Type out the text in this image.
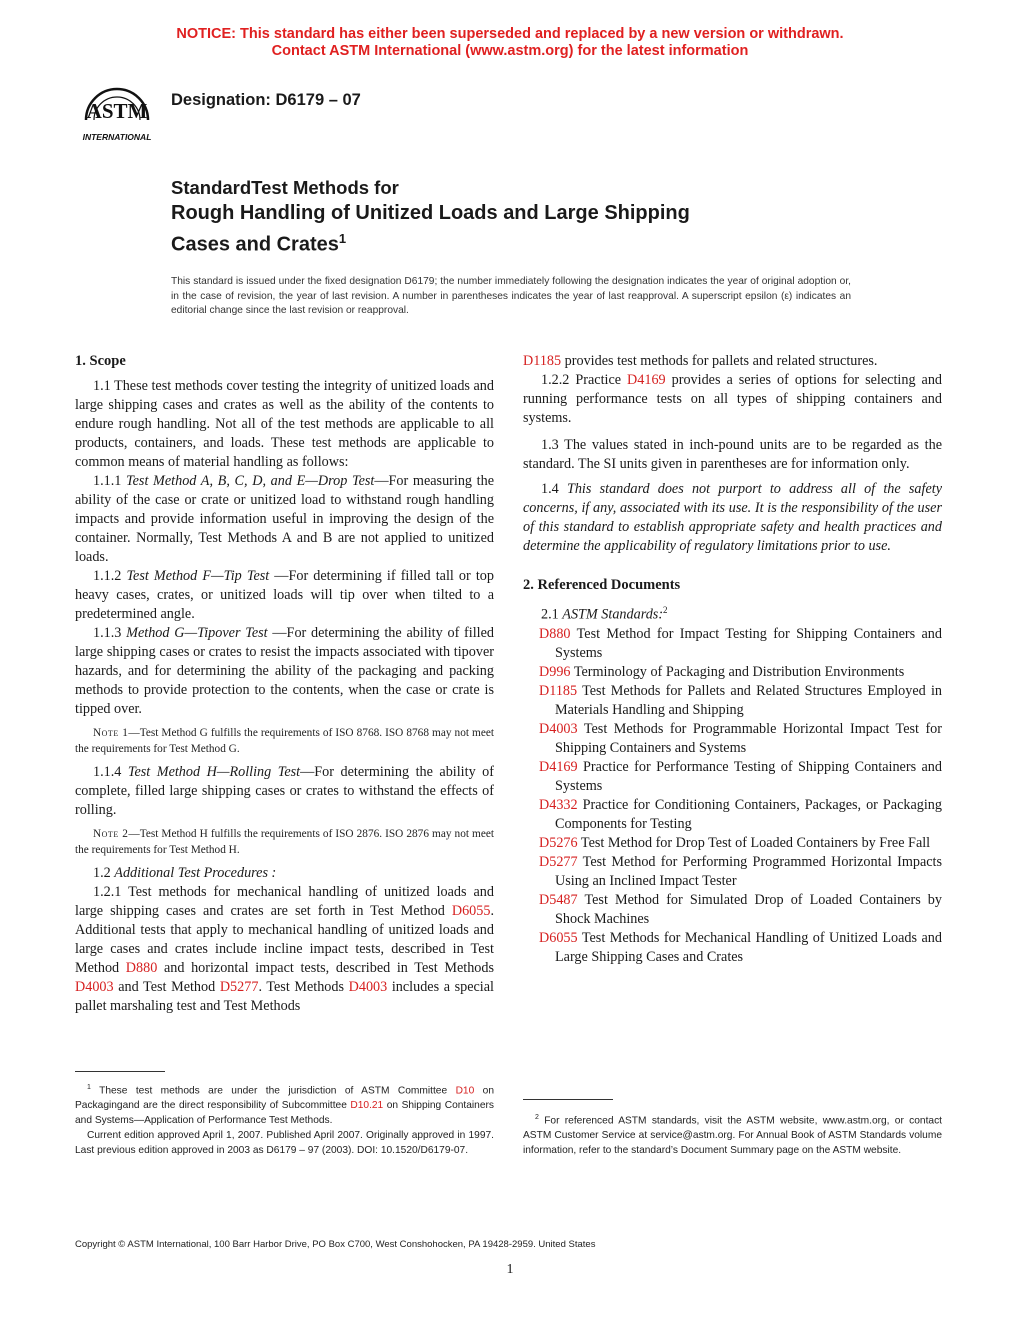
NOTICE: This standard has either been superseded and replaced by a new version or withdrawn.
Contact ASTM International (www.astm.org) for the latest information
ASTM
INTERNATIONAL
Designation: D6179 – 07
StandardTest Methods for
Rough Handling of Unitized Loads and Large Shipping
Cases and Crates$^1$
This standard is issued under the fixed designation D6179; the number immediately following the designation indicates the year of original adoption or, in the case of revision, the year of last revision. A number in parentheses indicates the year of last reapproval. A superscript epsilon (ε) indicates an editorial change since the last revision or reapproval.

1. Scope

1.1 These test methods cover testing the integrity of unitized loads and large shipping cases and crates as well as the ability of the contents to endure rough handling. Not all of the test methods are applicable to all products, containers, and loads. These test methods are applicable to common means of material handling as follows:

1.1.1 Test Method A, B, C, D, and E—Drop Test—For measuring the ability of the case or crate or unitized load to withstand rough handling impacts and provide information useful in improving the design of the container. Normally, Test Methods A and B are not applied to unitized loads.

1.1.2 Test Method F—Tip Test —For determining if filled tall or top heavy cases, crates, or unitized loads will tip over when tilted to a predetermined angle.

1.1.3 Method G—Tipover Test —For determining the ability of filled large shipping cases or crates to resist the impacts associated with tipover hazards, and for determining the ability of the packaging and packing methods to provide protection to the contents, when the case or crate is tipped over.

Note 1—Test Method G fulfills the requirements of ISO 8768. ISO 8768 may not meet the requirements for Test Method G.

1.1.4 Test Method H—Rolling Test—For determining the ability of complete, filled large shipping cases or crates to withstand the effects of rolling.

Note 2—Test Method H fulfills the requirements of ISO 2876. ISO 2876 may not meet the requirements for Test Method H.

1.2 Additional Test Procedures :

1.2.1 Test methods for mechanical handling of unitized loads and large shipping cases and crates are set forth in Test Method D6055. Additional tests that apply to mechanical handling of unitized loads and large cases and crates include incline impact tests, described in Test Method D880 and horizontal impact tests, described in Test Methods D4003 and Test Method D5277. Test Methods D4003 includes a special pallet marshaling test and Test Methods

D1185 provides test methods for pallets and related structures.

1.2.2 Practice D4169 provides a series of options for selecting and running performance tests on all types of shipping containers and systems.

1.3 The values stated in inch-pound units are to be regarded as the standard. The SI units given in parentheses are for information only.

1.4 This standard does not purport to address all of the safety concerns, if any, associated with its use. It is the responsibility of the user of this standard to establish appropriate safety and health practices and determine the applicability of regulatory limitations prior to use.

2. Referenced Documents

2.1 ASTM Standards:$^2$

D880 Test Method for Impact Testing for Shipping Containers and Systems

D996 Terminology of Packaging and Distribution Environments

D1185 Test Methods for Pallets and Related Structures Employed in Materials Handling and Shipping

D4003 Test Methods for Programmable Horizontal Impact Test for Shipping Containers and Systems

D4169 Practice for Performance Testing of Shipping Containers and Systems

D4332 Practice for Conditioning Containers, Packages, or Packaging Components for Testing

D5276 Test Method for Drop Test of Loaded Containers by Free Fall

D5277 Test Method for Performing Programmed Horizontal Impacts Using an Inclined Impact Tester

D5487 Test Method for Simulated Drop of Loaded Containers by Shock Machines

D6055 Test Methods for Mechanical Handling of Unitized Loads and Large Shipping Cases and Crates

$^1$ These test methods are under the jurisdiction of ASTM Committee D10 on Packagingand are the direct responsibility of Subcommittee D10.21 on Shipping Containers and Systems—Application of Performance Test Methods.

Current edition approved April 1, 2007. Published April 2007. Originally approved in 1997. Last previous edition approved in 2003 as D6179 – 97 (2003). DOI: 10.1520/D6179-07.

$^2$ For referenced ASTM standards, visit the ASTM website, www.astm.org, or contact ASTM Customer Service at service@astm.org. For Annual Book of ASTM Standards volume information, refer to the standard’s Document Summary page on the ASTM website.

Copyright © ASTM International, 100 Barr Harbor Drive, PO Box C700, West Conshohocken, PA 19428-2959. United States
1
